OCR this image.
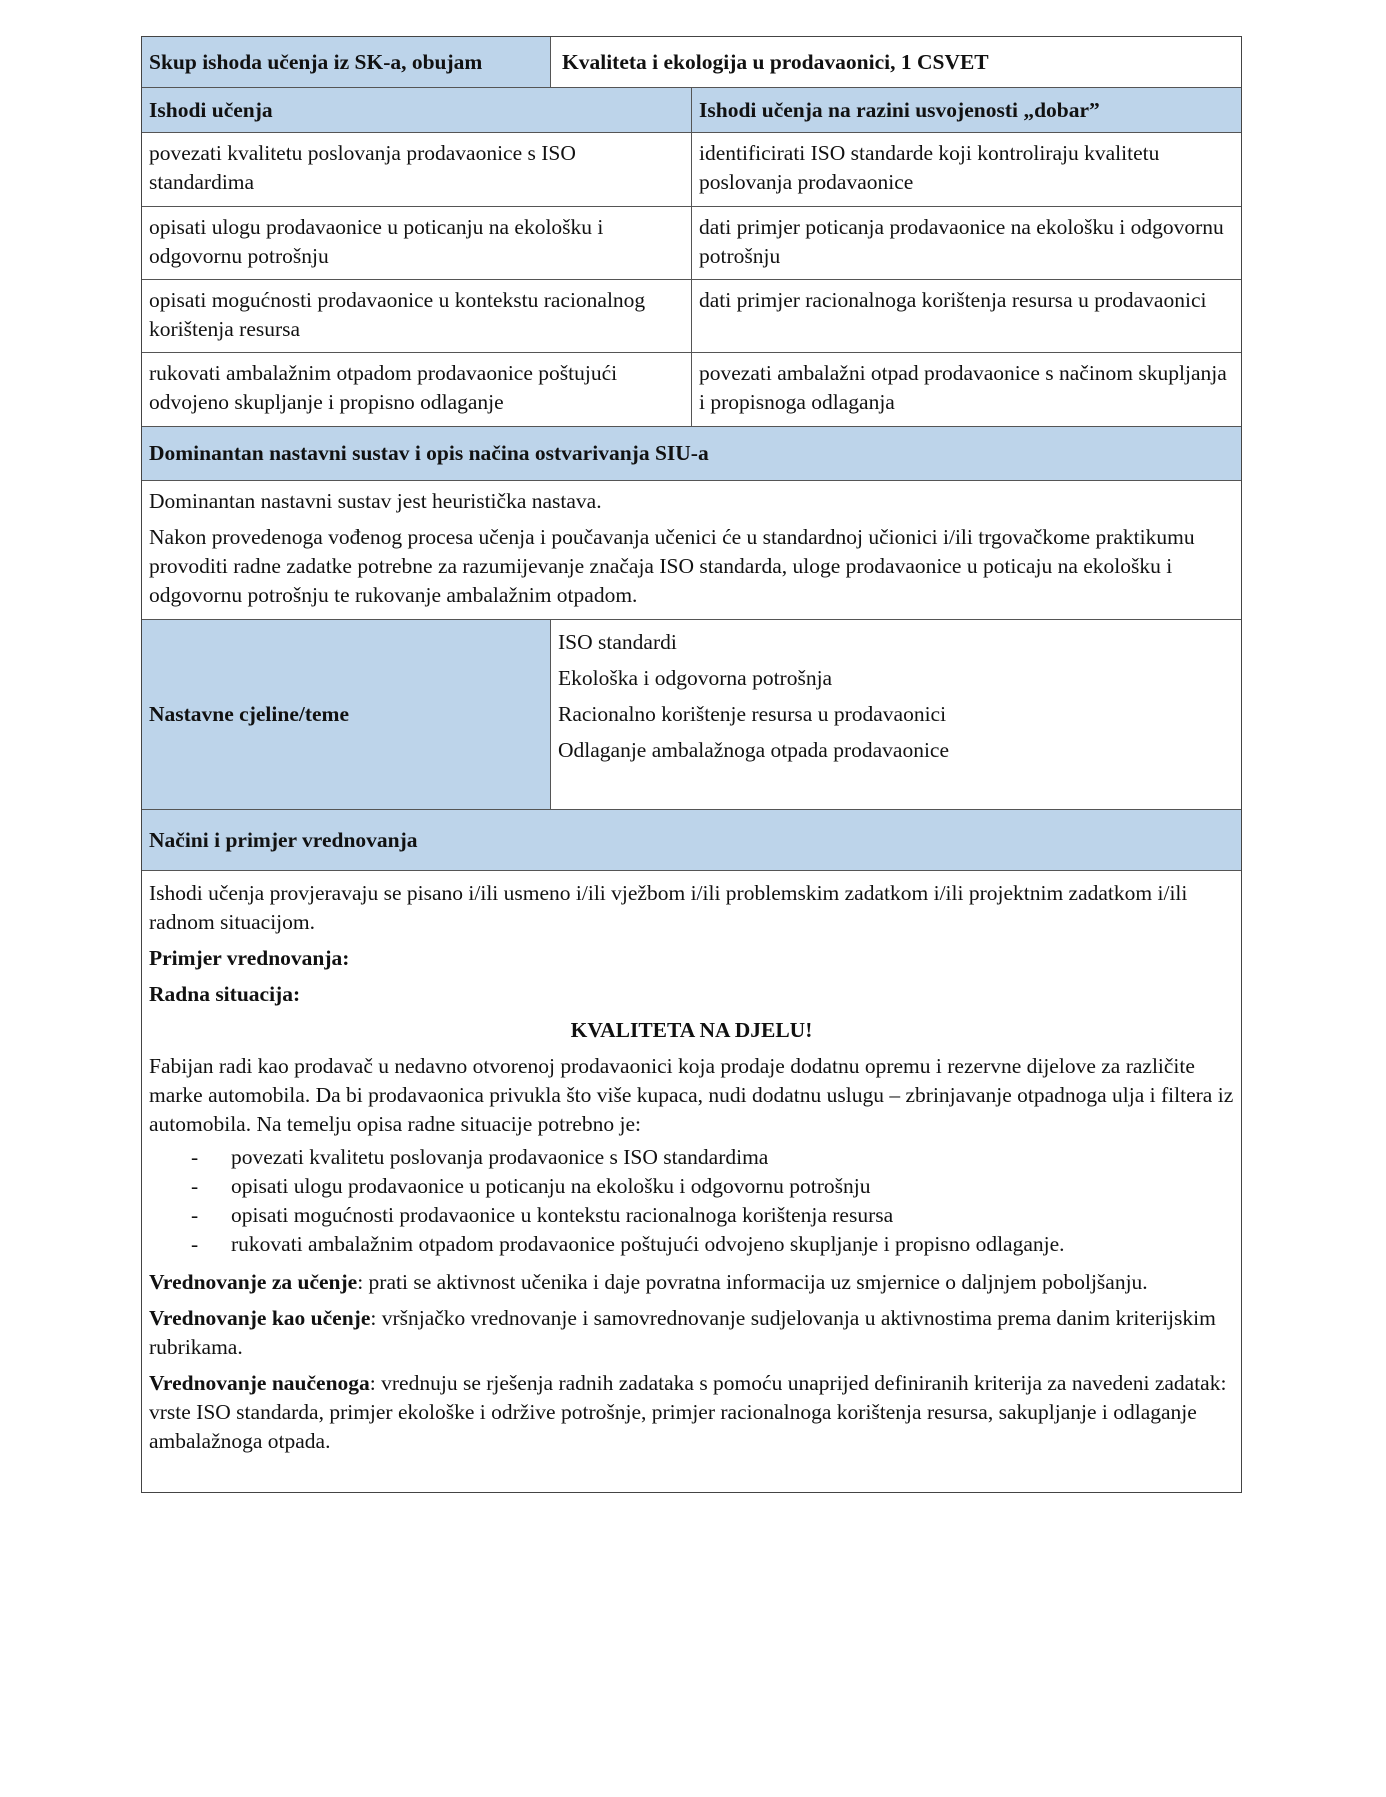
Skup ishoda učenja iz SK-a, obujam	Kvaliteta i ekologija u prodavaonici, 1 CSVET
Ishodi učenja	Ishodi učenja na razini usvojenosti „dobar”
povezati kvalitetu poslovanja prodavaonice s ISO standardima
identificirati ISO standarde koji kontroliraju kvalitetu poslovanja prodavaonice
opisati ulogu prodavaonice u poticanju na ekološku i odgovornu potrošnju
dati primjer poticanja prodavaonice na ekološku i odgovornu potrošnju
opisati mogućnosti prodavaonice u kontekstu racionalnog korištenja resursa
dati primjer racionalnoga korištenja resursa u prodavaonici
rukovati ambalažnim otpadom prodavaonice poštujući odvojeno skupljanje i propisno odlaganje
povezati ambalažni otpad prodavaonice s načinom skupljanja i propisnoga odlaganja
Dominantan nastavni sustav i opis načina ostvarivanja SIU-a

Dominantan nastavni sustav jest heuristička nastava.

Nakon provedenoga vođenog procesa učenja i poučavanja učenici će u standardnoj učionici i/ili trgovačkome praktikumu provoditi radne zadatke potrebne za razumijevanje značaja ISO standarda, uloge prodavaonice u poticaju na ekološku i odgovornu potrošnju te rukovanje ambalažnim otpadom.

Nastavne cjeline/teme

ISO standardi

Ekološka i odgovorna potrošnja

Racionalno korištenje resursa u prodavaonici

Odlaganje ambalažnoga otpada prodavaonice

Načini i primjer vrednovanja

Ishodi učenja provjeravaju se pisano i/ili usmeno i/ili vježbom i/ili problemskim zadatkom i/ili projektnim zadatkom i/ili radnom situacijom.

Primjer vrednovanja:

Radna situacija:

KVALITETA NA DJELU!

Fabijan radi kao prodavač u nedavno otvorenoj prodavaonici koja prodaje dodatnu opremu i rezervne dijelove za različite marke automobila. Da bi prodavaonica privukla što više kupaca, nudi dodatnu uslugu – zbrinjavanje otpadnoga ulja i filtera iz automobila. Na temelju opisa radne situacije potrebno je:

- povezati kvalitetu poslovanja prodavaonice s ISO standardima
- opisati ulogu prodavaonice u poticanju na ekološku i odgovornu potrošnju
- opisati mogućnosti prodavaonice u kontekstu racionalnoga korištenja resursa
- rukovati ambalažnim otpadom prodavaonice poštujući odvojeno skupljanje i propisno odlaganje.

Vrednovanje za učenje: prati se aktivnost učenika i daje povratna informacija uz smjernice o daljnjem poboljšanju.

Vrednovanje kao učenje: vršnjačko vrednovanje i samovrednovanje sudjelovanja u aktivnostima prema danim kriterijskim rubrikama.

Vrednovanje naučenoga: vrednuju se rješenja radnih zadataka s pomoću unaprijed definiranih kriterija za navedeni zadatak: vrste ISO standarda, primjer ekološke i održive potrošnje, primjer racionalnoga korištenja resursa, sakupljanje i odlaganje ambalažnoga otpada.
